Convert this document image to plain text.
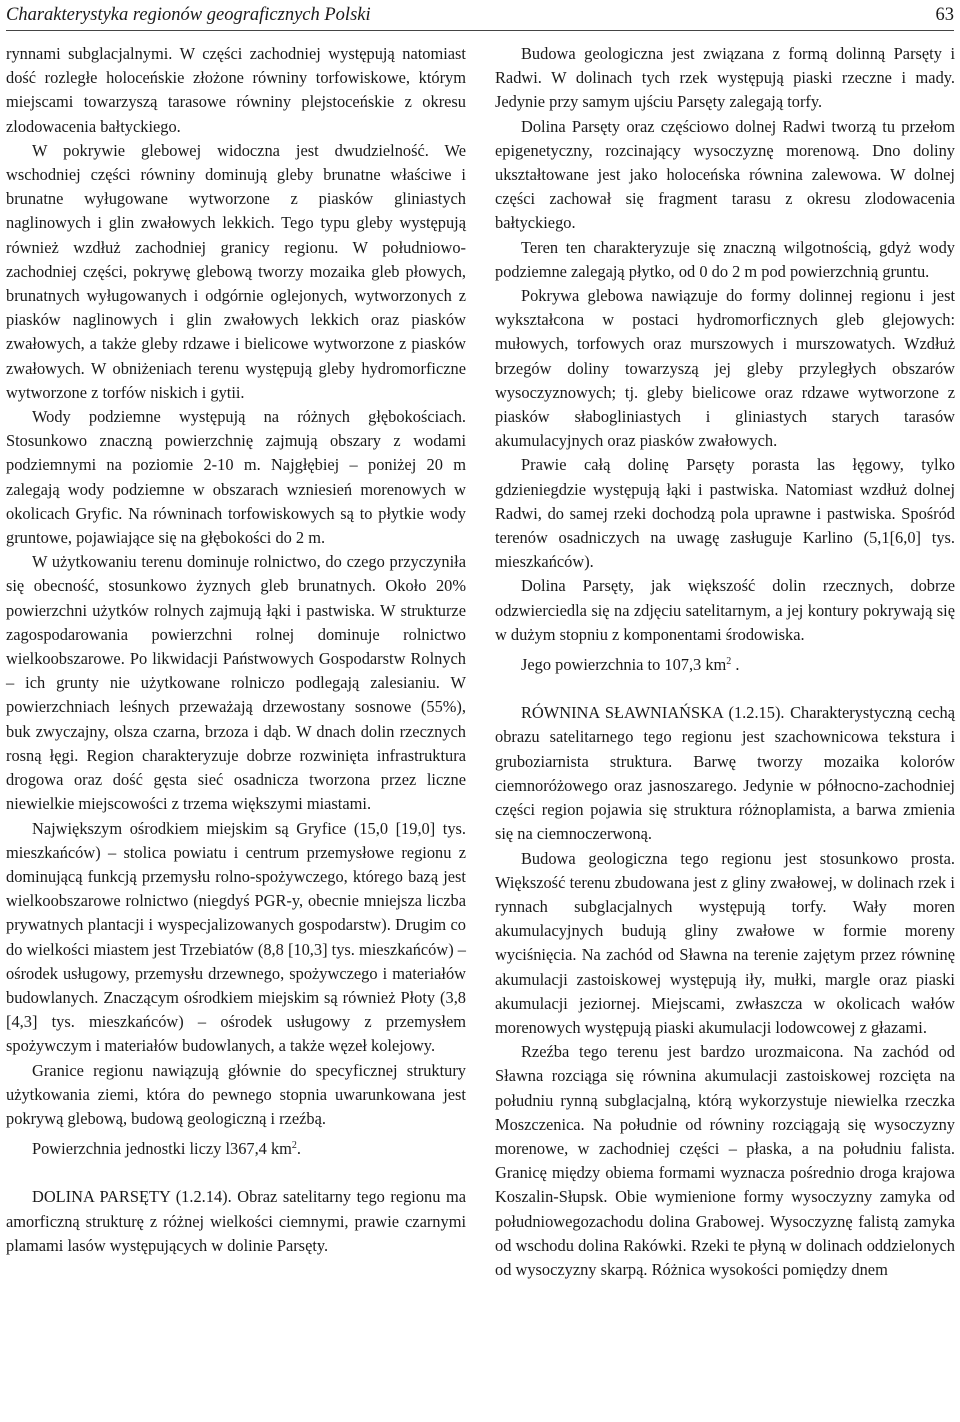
Charakterystyka regionów geograficznych Polski	63

rynnami subglacjalnymi. W części zachodniej występują natomiast dość rozległe holoceńskie złożone równiny torfowiskowe, którym miejscami towarzyszą tarasowe równiny plejstoceńskie z okresu zlodowacenia bałtyckiego.

W pokrywie glebowej widoczna jest dwudzielność. We wschodniej części równiny dominują gleby brunatne właściwe i brunatne wyługowane wytworzone z piasków gliniastych naglinowych i glin zwałowych lekkich. Tego typu gleby występują również wzdłuż zachodniej granicy regionu. W południowo-zachodniej części, pokrywę glebową tworzy mozaika gleb płowych, brunatnych wyługowanych i odgórnie oglejonych, wytworzonych z piasków naglinowych i glin zwałowych lekkich oraz piasków zwałowych, a także gleby rdzawe i bielicowe wytworzone z piasków zwałowych. W obniżeniach terenu występują gleby hydromorficzne wytworzone z torfów niskich i gytii.

Wody podziemne występują na różnych głębokościach. Stosunkowo znaczną powierzchnię zajmują obszary z wodami podziemnymi na poziomie 2-10 m. Najgłębiej – poniżej 20 m zalegają wody podziemne w obszarach wzniesień morenowych w okolicach Gryfic. Na równinach torfowiskowych są to płytkie wody gruntowe, pojawiające się na głębokości do 2 m.

W użytkowaniu terenu dominuje rolnictwo, do czego przyczyniła się obecność, stosunkowo żyznych gleb brunatnych. Około 20% powierzchni użytków rolnych zajmują łąki i pastwiska. W strukturze zagospodarowania powierzchni rolnej dominuje rolnictwo wielkoobszarowe. Po likwidacji Państwowych Gospodarstw Rolnych – ich grunty nie użytkowane rolniczo podlegają zalesianiu. W powierzchniach leśnych przeważają drzewostany sosnowe (55%), buk zwyczajny, olsza czarna, brzoza i dąb. W dnach dolin rzecznych rosną łęgi. Region charakteryzuje dobrze rozwinięta infrastruktura drogowa oraz dość gęsta sieć osadnicza tworzona przez liczne niewielkie miejscowości z trzema większymi miastami.

Największym ośrodkiem miejskim są Gryfice (15,0 [19,0] tys. mieszkańców) – stolica powiatu i centrum przemysłowe regionu z dominującą funkcją przemysłu rolno-spożywczego, którego bazą jest wielkoobszarowe rolnictwo (niegdyś PGR-y, obecnie mniejsza liczba prywatnych plantacji i wyspecjalizowanych gospodarstw). Drugim co do wielkości miastem jest Trzebiatów (8,8 [10,3] tys. mieszkańców) – ośrodek usługowy, przemysłu drzewnego, spożywczego i materiałów budowlanych. Znaczącym ośrodkiem miejskim są również Płoty (3,8 [4,3] tys. mieszkańców) – ośrodek usługowy z przemysłem spożywczym i materiałów budowlanych, a także węzeł kolejowy.

Granice regionu nawiązują głównie do specyficznej struktury użytkowania ziemi, która do pewnego stopnia uwarunkowana jest pokrywą glebową, budową geologiczną i rzeźbą.

Powierzchnia jednostki liczy l367,4 $km^2$.

DOLINA PARSĘTY (1.2.14). Obraz satelitarny tego regionu ma amorficzną strukturę z różnej wielkości ciemnymi, prawie czarnymi plamami lasów występujących w dolinie Parsęty.

Budowa geologiczna jest związana z formą dolinną Parsęty i Radwi. W dolinach tych rzek występują piaski rzeczne i mady. Jedynie przy samym ujściu Parsęty zalegają torfy.

Dolina Parsęty oraz częściowo dolnej Radwi tworzą tu przełom epigenetyczny, rozcinający wysoczyznę morenową. Dno doliny ukształtowane jest jako holoceńska równina zalewowa. W dolnej części zachował się fragment tarasu z okresu zlodowacenia bałtyckiego.

Teren ten charakteryzuje się znaczną wilgotnością, gdyż wody podziemne zalegają płytko, od 0 do 2 m pod powierzchnią gruntu.

Pokrywa glebowa nawiązuje do formy dolinnej regionu i jest wykształcona w postaci hydromorficznych gleb glejowych: mułowych, torfowych oraz murszowych i murszowatych. Wzdłuż brzegów doliny towarzyszą jej gleby przyległych obszarów wysoczyznowych; tj. gleby bielicowe oraz rdzawe wytworzone z piasków słabogliniastych i gliniastych starych tarasów akumulacyjnych oraz piasków zwałowych.

Prawie całą dolinę Parsęty porasta las łęgowy, tylko gdzieniegdzie występują łąki i pastwiska. Natomiast wzdłuż dolnej Radwi, do samej rzeki dochodzą pola uprawne i pastwiska. Spośród terenów osadniczych na uwagę zasługuje Karlino (5,1[6,0] tys. mieszkańców).

Dolina Parsęty, jak większość dolin rzecznych, dobrze odzwierciedla się na zdjęciu satelitarnym, a jej kontury pokrywają się w dużym stopniu z komponentami środowiska.

Jego powierzchnia to 107,3 $km^2$ .

RÓWNINA SŁAWNIAŃSKA (1.2.15). Charakterystyczną cechą obrazu satelitarnego tego regionu jest szachownicowa tekstura i gruboziarnista struktura. Barwę tworzy mozaika kolorów ciemnoróżowego oraz jasnoszarego. Jedynie w północno-zachodniej części region pojawia się struktura różnoplamista, a barwa zmienia się na ciemnoczerwoną.

Budowa geologiczna tego regionu jest stosunkowo prosta. Większość terenu zbudowana jest z gliny zwałowej, w dolinach rzek i rynnach subglacjalnych występują torfy. Wały moren akumulacyjnych budują gliny zwałowe w formie moreny wyciśnięcia. Na zachód od Sławna na terenie zajętym przez równinę akumulacji zastoiskowej występują iły, mułki, margle oraz piaski akumulacji jeziornej. Miejscami, zwłaszcza w okolicach wałów morenowych występują piaski akumulacji lodowcowej z głazami.

Rzeźba tego terenu jest bardzo urozmaicona. Na zachód od Sławna rozciąga się równina akumulacji zastoiskowej rozcięta na południu rynną subglacjalną, którą wykorzystuje niewielka rzeczka Moszczenica. Na południe od równiny rozciągają się wysoczyzny morenowe, w zachodniej części – płaska, a na południu falista. Granicę między obiema formami wyznacza pośrednio droga krajowa Koszalin-Słupsk. Obie wymienione formy wysoczyzny zamyka od południowegozachodu dolina Grabowej. Wysoczyznę falistą zamyka od wschodu dolina Rakówki. Rzeki te płyną w dolinach oddzielonych od wysoczyzny skarpą. Różnica wysokości pomiędzy dnem
